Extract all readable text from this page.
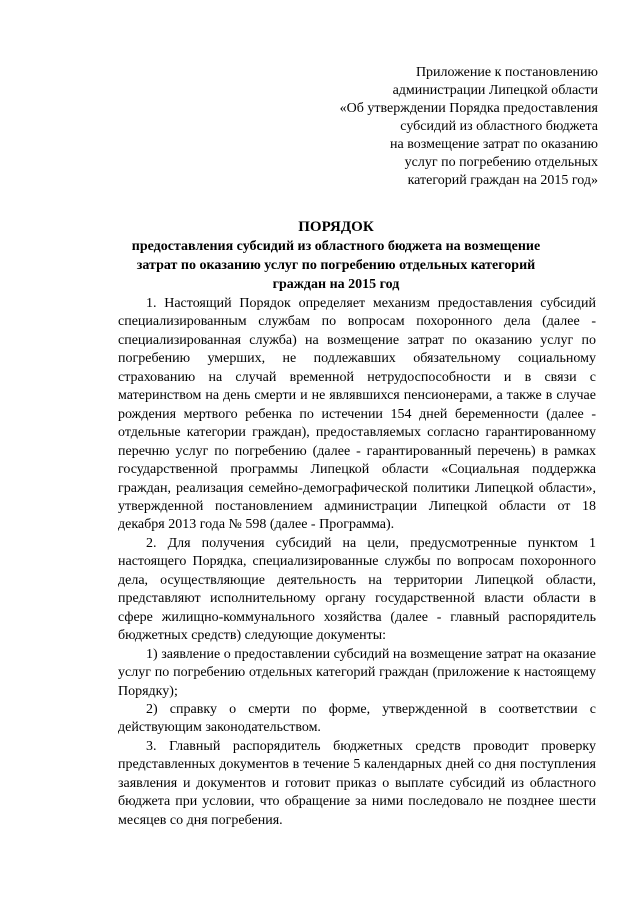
Приложение к постановлению
администрации Липецкой области
«Об утверждении Порядка предоставления
субсидий из областного бюджета
на возмещение затрат по оказанию
услуг по погребению отдельных
категорий граждан на 2015 год»
ПОРЯДОК
предоставления субсидий из областного бюджета на возмещение
затрат по оказанию услуг по погребению отдельных категорий
граждан на 2015 год

1. Настоящий Порядок определяет механизм предоставления субсидий специализированным службам по вопросам похоронного дела (далее - специализированная служба) на возмещение затрат по оказанию услуг по погребению умерших, не подлежавших обязательному социальному страхованию на случай временной нетрудоспособности и в связи с материнством на день смерти и не являвшихся пенсионерами, а также в случае рождения мертвого ребенка по истечении 154 дней беременности (далее - отдельные категории граждан), предоставляемых согласно гарантированному перечню услуг по погребению (далее - гарантированный перечень) в рамках государственной программы Липецкой области «Социальная поддержка граждан, реализация семейно-демографической политики Липецкой области», утвержденной постановлением администрации Липецкой области от 18 декабря 2013 года № 598 (далее - Программа).

2. Для получения субсидий на цели, предусмотренные пунктом 1 настоящего Порядка, специализированные службы по вопросам похоронного дела, осуществляющие деятельность на территории Липецкой области, представляют исполнительному органу государственной власти области в сфере жилищно-коммунального хозяйства (далее - главный распорядитель бюджетных средств) следующие документы:

1) заявление о предоставлении субсидий на возмещение затрат на оказание услуг по погребению отдельных категорий граждан (приложение к настоящему Порядку);

2) справку о смерти по форме, утвержденной в соответствии с действующим законодательством.

3. Главный распорядитель бюджетных средств проводит проверку представленных документов в течение 5 календарных дней со дня поступления заявления и документов и готовит приказ о выплате субсидий из областного бюджета при условии, что обращение за ними последовало не позднее шести месяцев со дня погребения.
